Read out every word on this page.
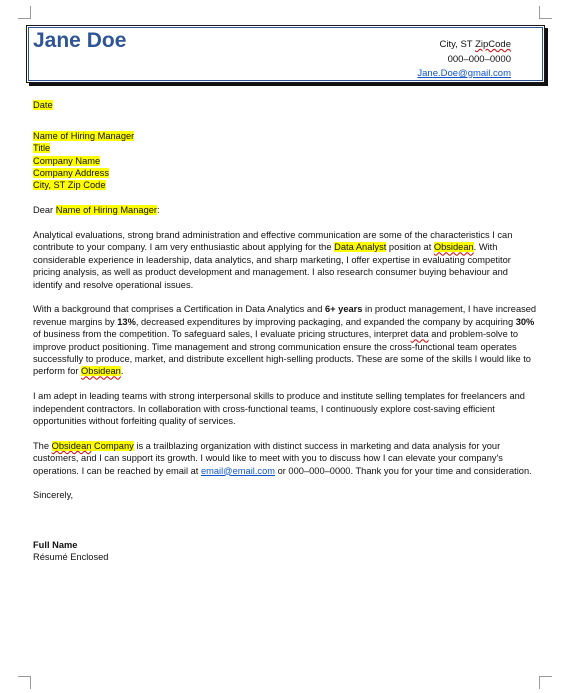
Jane Doe	City, ST ZipCode
000–000–0000
Jane.Doe@gmail.com

Date

Name of Hiring Manager

Title

Company Name

Company Address

City, ST Zip Code

Dear Name of Hiring Manager:

Analytical evaluations, strong brand administration and effective communication are some of the characteristics I can contribute to your company. I am very enthusiastic about applying for the Data Analyst position at Obsidean. With considerable experience in leadership, data analytics, and sharp marketing, I offer expertise in evaluating competitor pricing analysis, as well as product development and management. I also research consumer buying behaviour and identify and resolve operational issues.

With a background that comprises a Certification in Data Analytics and 6+ years in product management, I have increased revenue margins by 13%, decreased expenditures by improving packaging, and expanded the company by acquiring 30% of business from the competition. To safeguard sales, I evaluate pricing structures, interpret data and problem-solve to improve product positioning. Time management and strong communication ensure the cross-functional team operates successfully to produce, market, and distribute excellent high-selling products. These are some of the skills I would like to perform for Obsidean.

I am adept in leading teams with strong interpersonal skills to produce and institute selling templates for freelancers and independent contractors. In collaboration with cross-functional teams, I continuously explore cost-saving efficient opportunities without forfeiting quality of services.

The Obsidean Company is a trailblazing organization with distinct success in marketing and data analysis for your customers, and I can support its growth. I would like to meet with you to discuss how I can elevate your company's operations. I can be reached by email at email@email.com or 000–000–0000. Thank you for your time and consideration.

Sincerely,

Full Name

Résumé Enclosed
